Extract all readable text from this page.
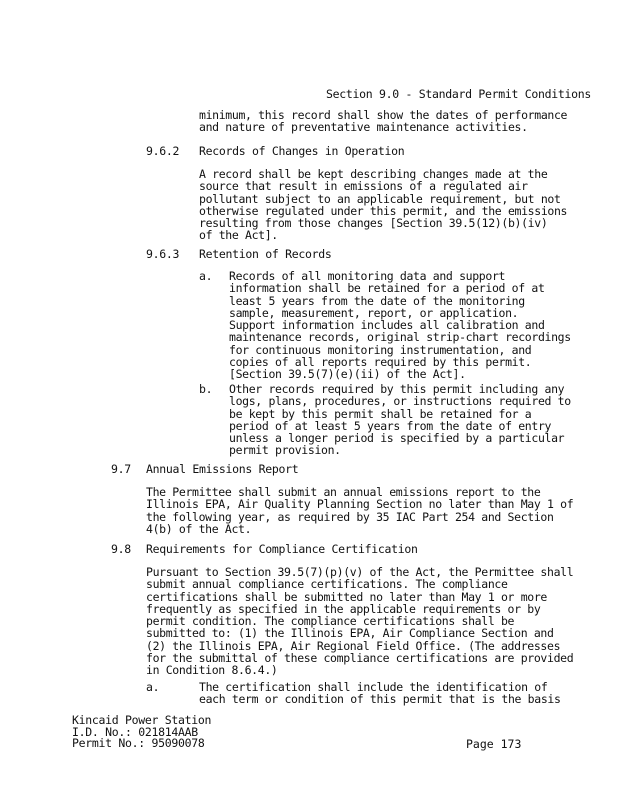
Section 9.0 - Standard Permit Conditions
minimum, this record shall show the dates of performance
and nature of preventative maintenance activities.
9.6.2 Records of Changes in Operation
A record shall be kept describing changes made at the
source that result in emissions of a regulated air
pollutant subject to an applicable requirement, but not
otherwise regulated under this permit, and the emissions
resulting from those changes [Section 39.5(12)(b)(iv)
of the Act].
9.6.3 Retention of Records
a. Records of all monitoring data and support
information shall be retained for a period of at
least 5 years from the date of the monitoring
sample, measurement, report, or application.
Support information includes all calibration and
maintenance records, original strip-chart recordings
for continuous monitoring instrumentation, and
copies of all reports required by this permit.
[Section 39.5(7)(e)(ii) of the Act].
b. Other records required by this permit including any
logs, plans, procedures, or instructions required to
be kept by this permit shall be retained for a
period of at least 5 years from the date of entry
unless a longer period is specified by a particular
permit provision.
9.7 Annual Emissions Report
The Permittee shall submit an annual emissions report to the
Illinois EPA, Air Quality Planning Section no later than May 1 of
the following year, as required by 35 IAC Part 254 and Section
4(b) of the Act.
9.8 Requirements for Compliance Certification
Pursuant to Section 39.5(7)(p)(v) of the Act, the Permittee shall
submit annual compliance certifications. The compliance
certifications shall be submitted no later than May 1 or more
frequently as specified in the applicable requirements or by
permit condition. The compliance certifications shall be
submitted to: (1) the Illinois EPA, Air Compliance Section and
(2) the Illinois EPA, Air Regional Field Office. (The addresses
for the submittal of these compliance certifications are provided
in Condition 8.6.4.)
a.	The certification shall include the identification of
each term or condition of this permit that is the basis
Kincaid Power Station
I.D. No.: 021814AAB
Permit No.: 95090078	Page 173
